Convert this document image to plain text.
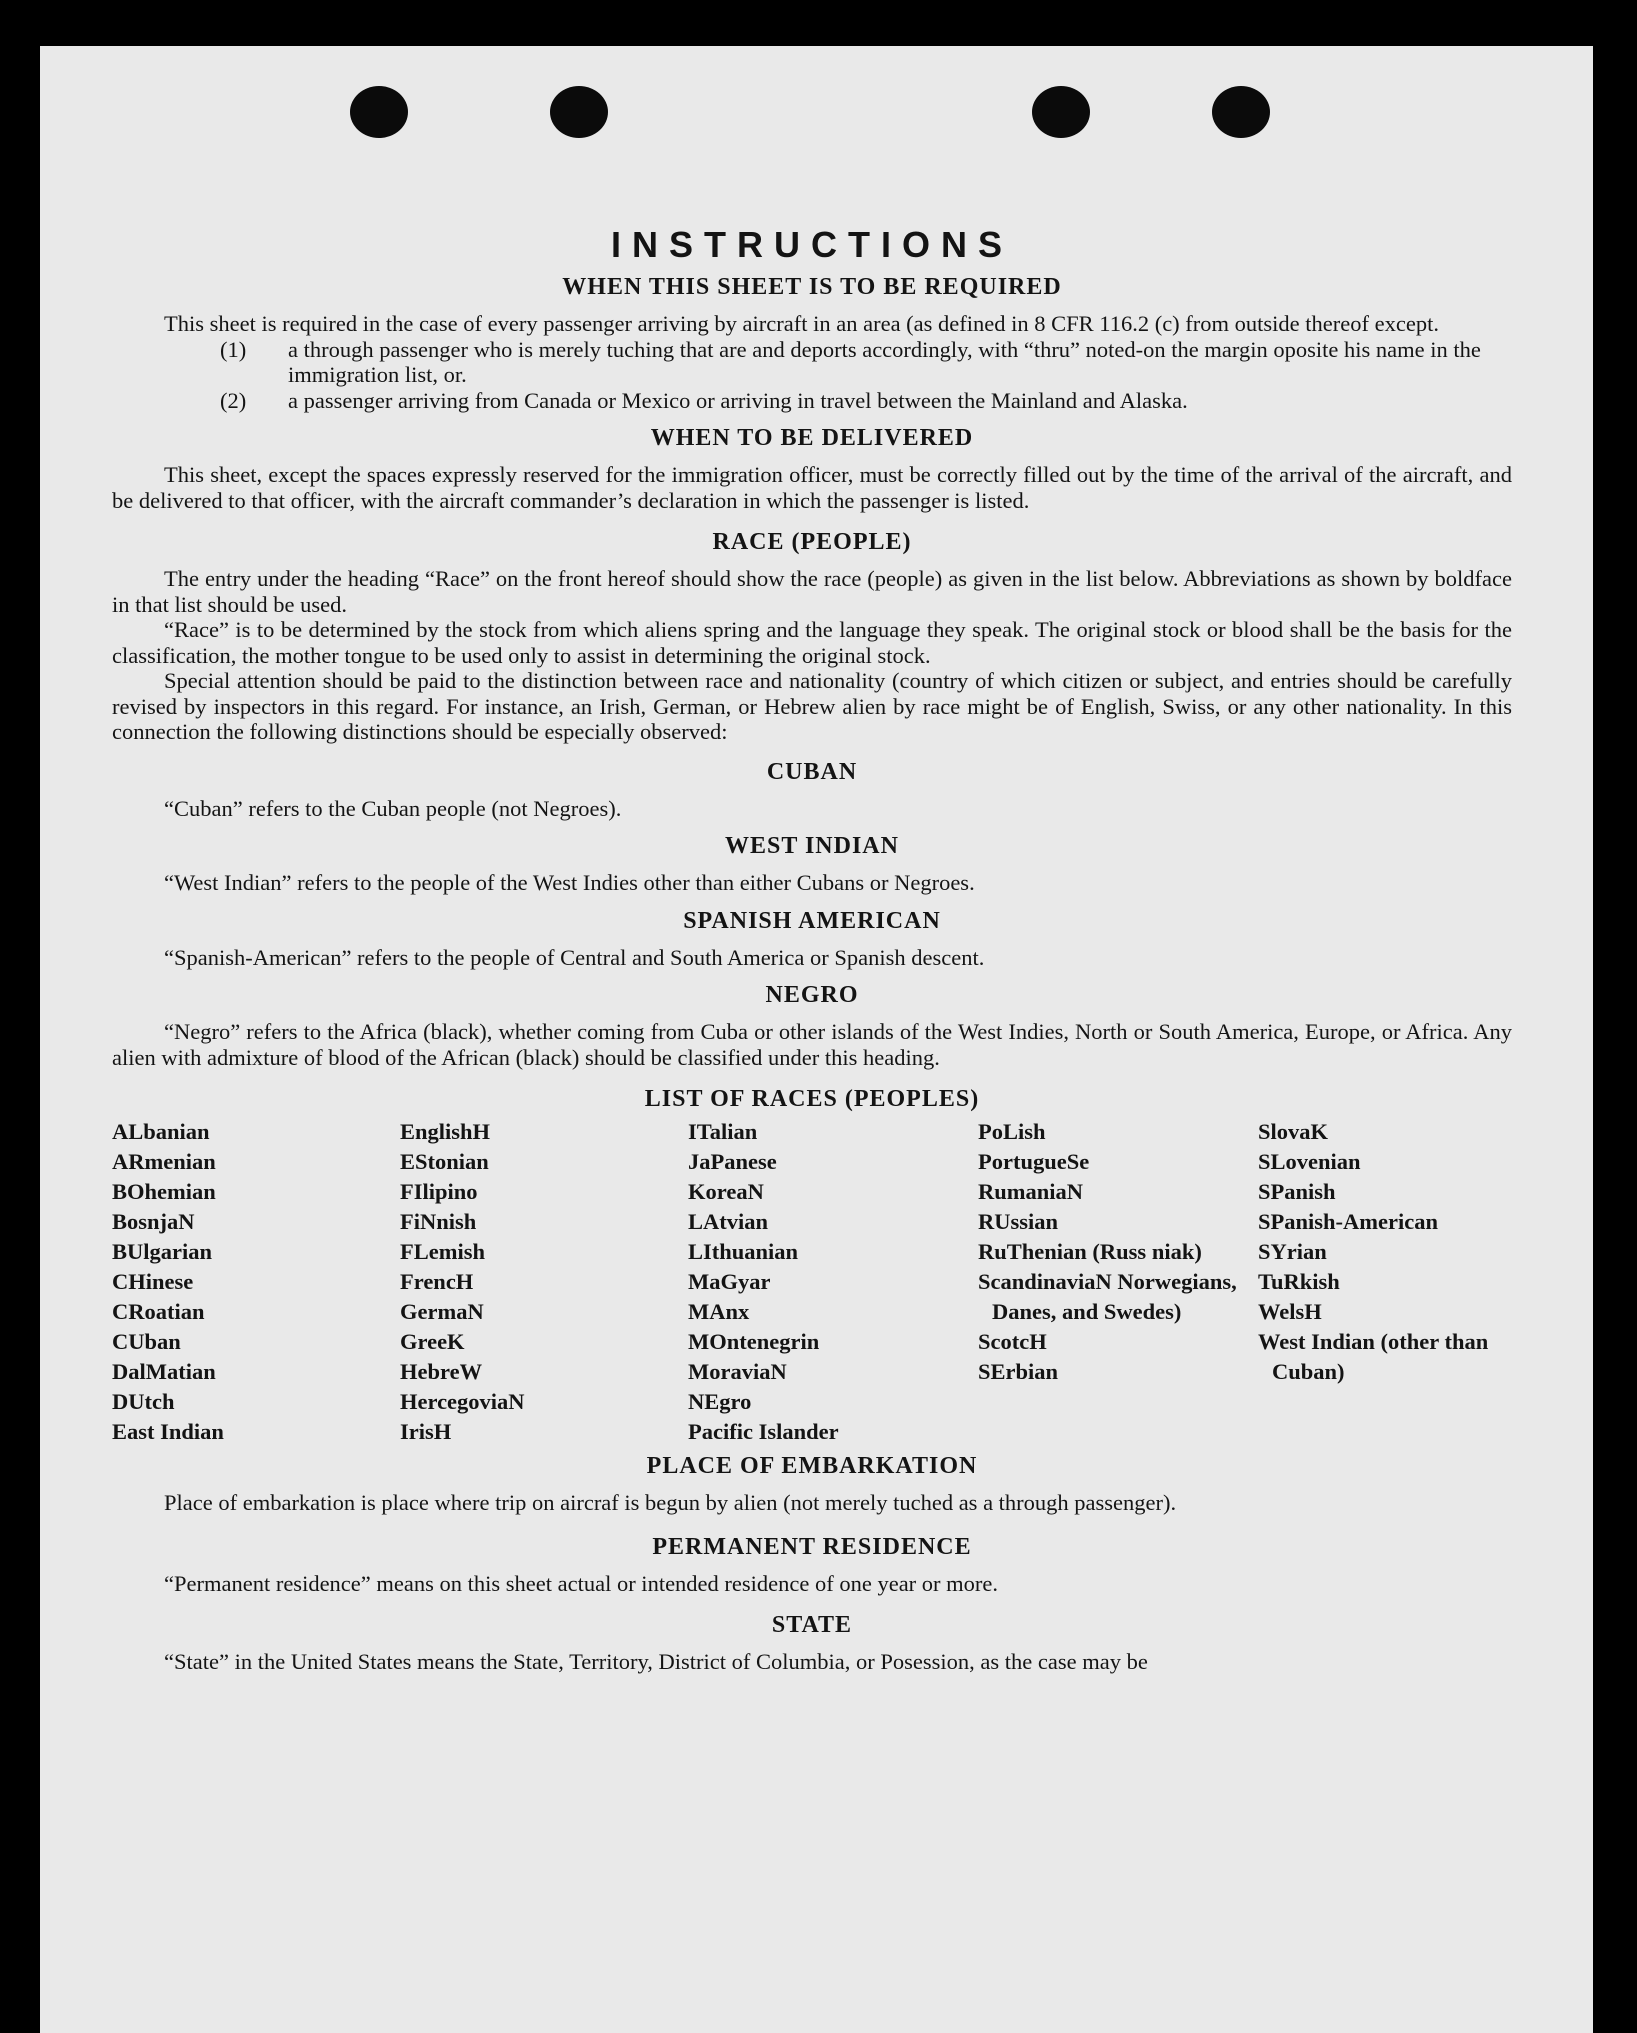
INSTRUCTIONS
WHEN THIS SHEET IS TO BE REQUIRED

This sheet is required in the case of every passenger arriving by aircraft in an area (as defined in 8 CFR 116.2 (c) from outside thereof except.

(1) a through passenger who is merely tuching that are and deports accordingly, with “thru” noted-on the margin oposite his name in the immigration list, or.
(2) a passenger arriving from Canada or Mexico or arriving in travel between the Mainland and Alaska.
WHEN TO BE DELIVERED

This sheet, except the spaces expressly reserved for the immigration officer, must be correctly filled out by the time of the arrival of the aircraft, and be delivered to that officer, with the aircraft commander’s declaration in which the passenger is listed.

RACE (PEOPLE)

The entry under the heading “Race” on the front hereof should show the race (people) as given in the list below. Abbreviations as shown by boldface in that list should be used.

“Race” is to be determined by the stock from which aliens spring and the language they speak. The original stock or blood shall be the basis for the classification, the mother tongue to be used only to assist in determining the original stock.

Special attention should be paid to the distinction between race and nationality (country of which citizen or subject, and entries should be carefully revised by inspectors in this regard. For instance, an Irish, German, or Hebrew alien by race might be of English, Swiss, or any other nationality. In this connection the following distinctions should be especially observed:

CUBAN

“Cuban” refers to the Cuban people (not Negroes).

WEST INDIAN

“West Indian” refers to the people of the West Indies other than either Cubans or Negroes.

SPANISH AMERICAN

“Spanish-American” refers to the people of Central and South America or Spanish descent.

NEGRO

“Negro” refers to the Africa (black), whether coming from Cuba or other islands of the West Indies, North or South America, Europe, or Africa. Any alien with admixture of blood of the African (black) should be classified under this heading.

LIST OF RACES (PEOPLES)
ALbanian
ARmenian
BOhemian
BosnjaN
BUlgarian
CHinese
CRoatian
CUban
DalMatian
DUtch
East Indian
EnglishH
EStonian
FIlipino
FiNnish
FLemish
FrencH
GermaN
GreeK
HebreW
HercegoviaN
IrisH
ITalian
JaPanese
KoreaN
LAtvian
LIthuanian
MaGyar
MAnx
MOntenegrin
MoraviaN
NEgro
Pacific Islander
PoLish
PortugueSe
RumaniaN
RUssian
RuThenian (Russ niak)
ScandinaviaN Norwegians, Danes, and Swedes)
ScotcH
SErbian
SlovaK
SLovenian
SPanish
SPanish-American
SYrian
TuRkish
WelsH
West Indian (other than Cuban)
PLACE OF EMBARKATION

Place of embarkation is place where trip on aircraf is begun by alien (not merely tuched as a through passenger).

PERMANENT RESIDENCE

“Permanent residence” means on this sheet actual or intended residence of one year or more.

STATE

“State” in the United States means the State, Territory, District of Columbia, or Posession, as the case may be
